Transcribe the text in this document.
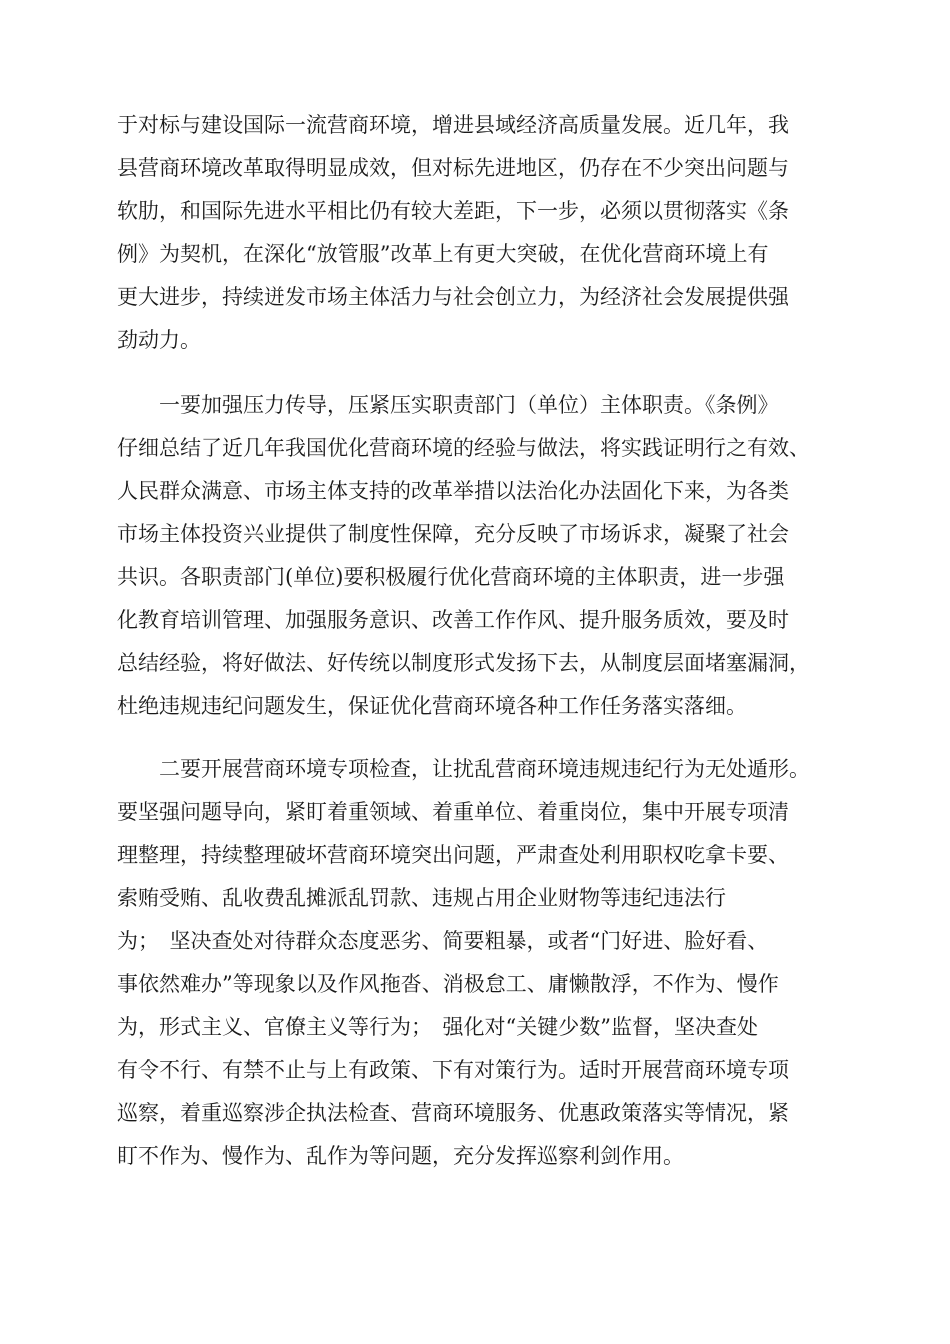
于对标与建设国际一流营商环境，增进县域经济高质量发展。近几年，我
县营商环境改革取得明显成效，但对标先进地区，仍存在不少突出问题与
软肋，和国际先进水平相比仍有较大差距，下一步，必须以贯彻落实《条
例》为契机，在深化“放管服”改革上有更大突破，在优化营商环境上有
更大进步，持续迸发市场主体活力与社会创立力，为经济社会发展提供强
劲动力。
　　一要加强压力传导，压紧压实职责部门（单位）主体职责。《条例》
仔细总结了近几年我国优化营商环境的经验与做法，将实践证明行之有效、
人民群众满意、市场主体支持的改革举措以法治化办法固化下来，为各类
市场主体投资兴业提供了制度性保障，充分反映了市场诉求，凝聚了社会
共识。各职责部门(单位)要积极履行优化营商环境的主体职责，进一步强
化教育培训管理、加强服务意识、改善工作作风、提升服务质效，要及时
总结经验，将好做法、好传统以制度形式发扬下去，从制度层面堵塞漏洞，
杜绝违规违纪问题发生，保证优化营商环境各种工作任务落实落细。
　　二要开展营商环境专项检查，让扰乱营商环境违规违纪行为无处遁形。
要坚强问题导向，紧盯着重领域、着重单位、着重岗位，集中开展专项清
理整理，持续整理破坏营商环境突出问题，严肃查处利用职权吃拿卡要、
索贿受贿、乱收费乱摊派乱罚款、违规占用企业财物等违纪违法行
为；　坚决查处对待群众态度恶劣、简要粗暴，或者“门好进、脸好看、
事依然难办”等现象以及作风拖沓、消极怠工、庸懒散浮，不作为、慢作
为，形式主义、官僚主义等行为；　强化对“关键少数”监督，坚决查处
有令不行、有禁不止与上有政策、下有对策行为。适时开展营商环境专项
巡察，着重巡察涉企执法检查、营商环境服务、优惠政策落实等情况，紧
盯不作为、慢作为、乱作为等问题，充分发挥巡察利剑作用。
